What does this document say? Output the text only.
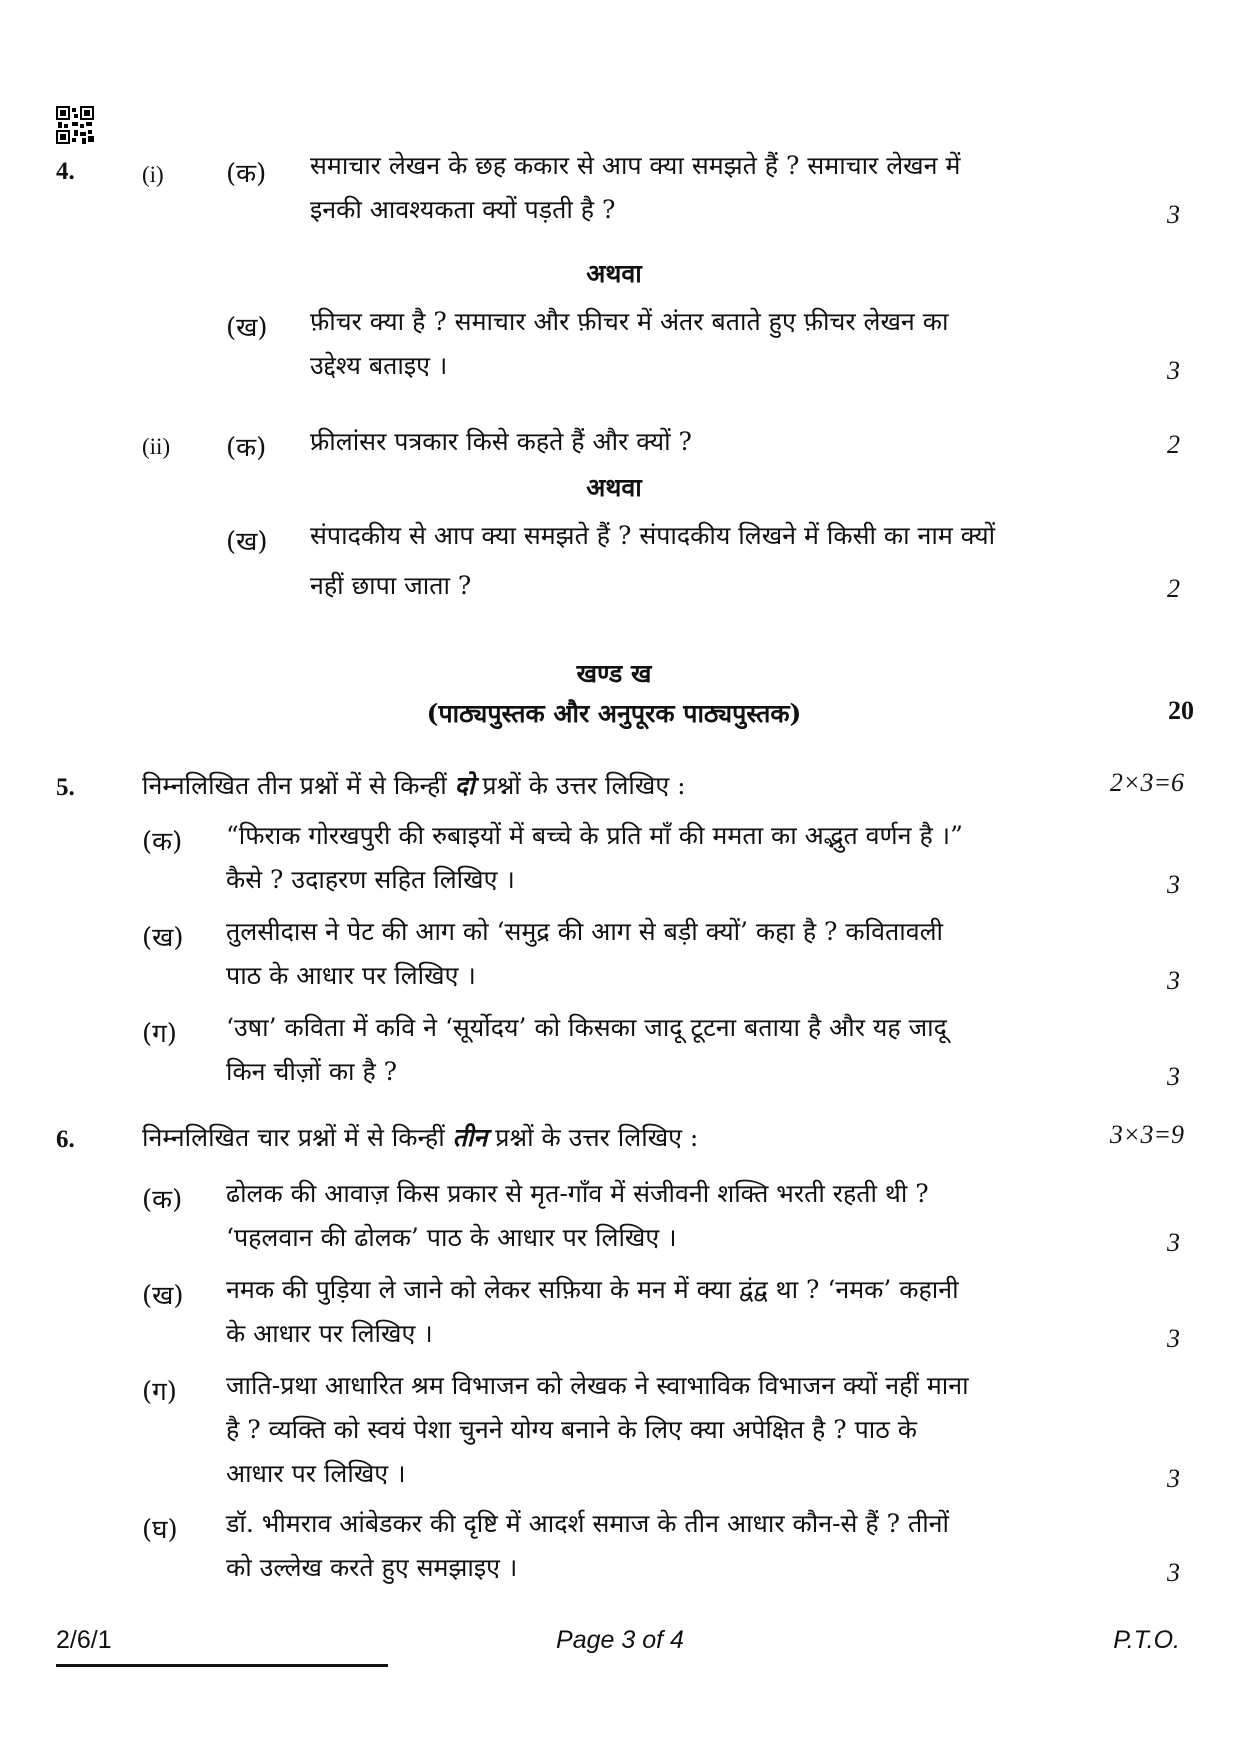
4.	(i) (क) समाचार लेखन के छह ककार से आप क्या समझते हैं ? समाचार लेखन में
इनकी आवश्यकता क्यों पड़ती है ?	3
अथवा
(ख) फ़ीचर क्या है ? समाचार और फ़ीचर में अंतर बताते हुए फ़ीचर लेखन का
उद्देश्य बताइए ।	3
(ii) (क) फ्रीलांसर पत्रकार किसे कहते हैं और क्यों ?	2
अथवा
(ख) संपादकीय से आप क्या समझते हैं ? संपादकीय लिखने में किसी का नाम क्यों
नहीं छापा जाता ?	2
खण्ड ख
(पाठ्यपुस्तक और अनुपूरक पाठ्यपुस्तक)	20
5.	निम्नलिखित तीन प्रश्नों में से किन्हीं दो प्रश्नों के उत्तर लिखिए :	2×3=6
(क) “फिराक गोरखपुरी की रुबाइयों में बच्चे के प्रति माँ की ममता का अद्भुत वर्णन है ।”
कैसे ? उदाहरण सहित लिखिए ।	3
(ख) तुलसीदास ने पेट की आग को ‘समुद्र की आग से बड़ी क्यों’ कहा है ? कवितावली
पाठ के आधार पर लिखिए ।	3
(ग) ‘उषा’ कविता में कवि ने ‘सूर्योदय’ को किसका जादू टूटना बताया है और यह जादू
किन चीज़ों का है ?	3
6.	निम्नलिखित चार प्रश्नों में से किन्हीं तीन प्रश्नों के उत्तर लिखिए :	3×3=9
(क) ढोलक की आवाज़ किस प्रकार से मृत-गाँव में संजीवनी शक्ति भरती रहती थी ?
‘पहलवान की ढोलक’ पाठ के आधार पर लिखिए ।	3
(ख) नमक की पुड़िया ले जाने को लेकर सफ़िया के मन में क्या द्वंद्व था ? ‘नमक’ कहानी
के आधार पर लिखिए ।	3
(ग) जाति-प्रथा आधारित श्रम विभाजन को लेखक ने स्वाभाविक विभाजन क्यों नहीं माना
है ? व्यक्ति को स्वयं पेशा चुनने योग्य बनाने के लिए क्या अपेक्षित है ? पाठ के
आधार पर लिखिए ।	3
(घ) डॉ. भीमराव आंबेडकर की दृष्टि में आदर्श समाज के तीन आधार कौन-से हैं ? तीनों
को उल्लेख करते हुए समझाइए ।	3
2/6/1	Page 3 of 4	P.T.O.
